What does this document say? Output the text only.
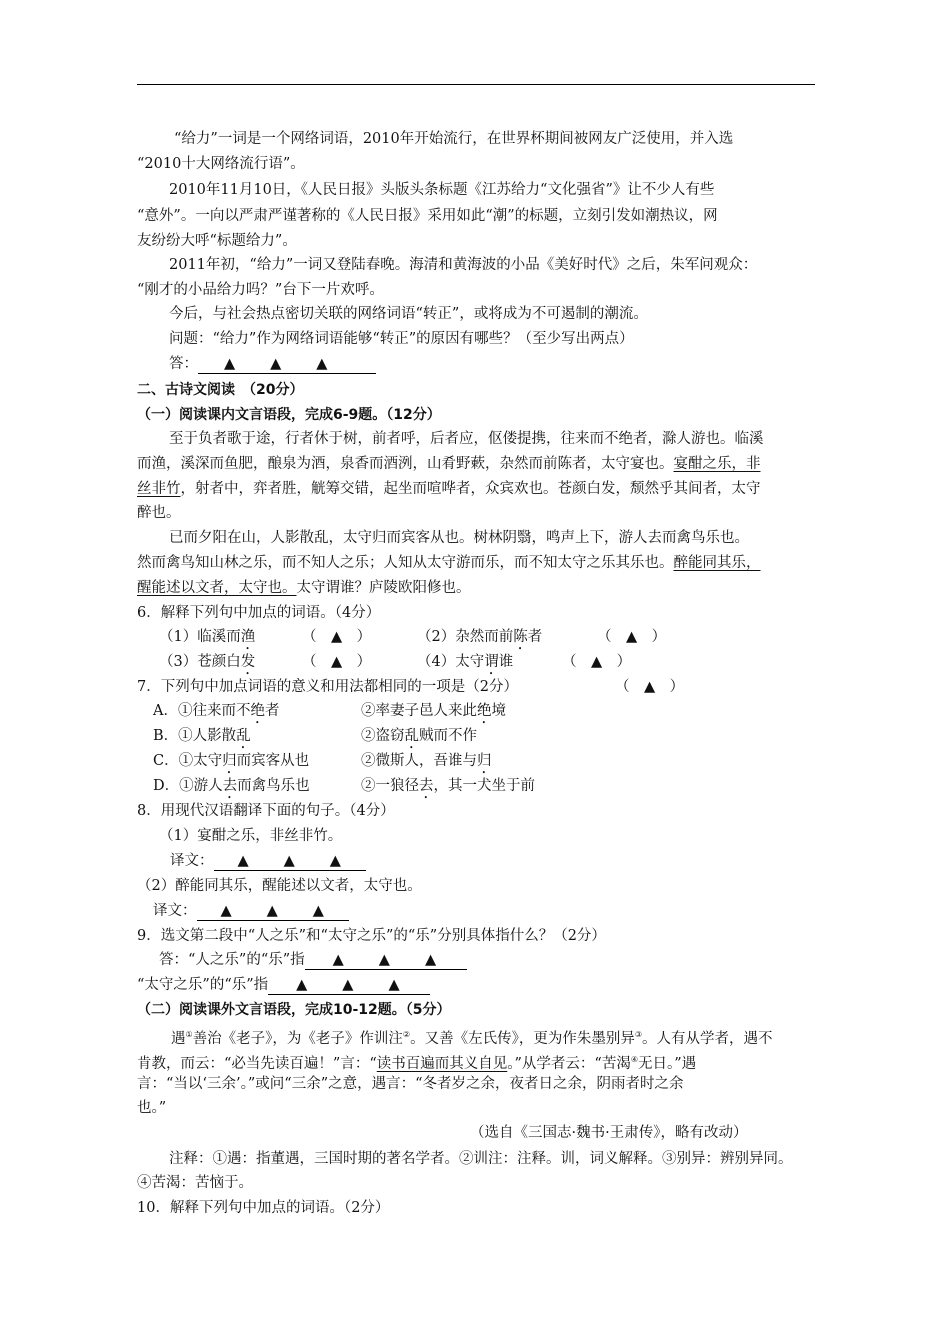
“给力”一词是一个网络词语，2010年开始流行，在世界杯期间被网友广泛使用，并入选
“2010十大网络流行语”。
2010年11月10日，《人民日报》头版头条标题《江苏给力“文化强省”》让不少人有些
“意外”。一向以严肃严谨著称的《人民日报》采用如此“潮”的标题，立刻引发如潮热议，网
友纷纷大呼“标题给力”。
2011年初，“给力”一词又登陆春晚。海清和黄海波的小品《美好时代》之后，朱军问观众：
“刚才的小品给力吗？”台下一片欢呼。
今后，与社会热点密切关联的网络词语“转正”，或将成为不可遏制的潮流。
问题：“给力”作为网络词语能够“转正”的原因有哪些？（至少写出两点）
答： ▲　　▲　　▲
二、古诗文阅读　（20分）
（一）阅读课内文言语段，完成6-9题。（12分）
至于负者歌于途，行者休于树，前者呼，后者应，伛偻提携，往来而不绝者，滁人游也。临溪
而渔，溪深而鱼肥，酿泉为酒，泉香而酒洌，山肴野蔌，杂然而前陈者，太守宴也。宴酣之乐，非
丝非竹，射者中，弈者胜，觥筹交错，起坐而喧哗者，众宾欢也。苍颜白发，颓然乎其间者，太守
醉也。
已而夕阳在山，人影散乱，太守归而宾客从也。树林阴翳，鸣声上下，游人去而禽鸟乐也。
然而禽鸟知山林之乐，而不知人之乐；人知从太守游而乐，而不知太守之乐其乐也。醉能同其乐，
醒能述以文者，太守也。太守谓谁？庐陵欧阳修也。
6．解释下列句中加点的词语。（4分）
（1）临溪而渔	（　▲　）	（2）杂然而前陈者	（　▲　）
（3）苍颜白发	（　▲　）	（4）太守谓谁	（　▲　）
7．下列句中加点词语的意义和用法都相同的一项是（2分）	（　▲　）
A．①往来而不绝者	②率妻子邑人来此绝境
B．①人影散乱	②盗窃乱贼而不作
C．①太守归而宾客从也	②微斯人，吾谁与归
D．①游人去而禽鸟乐也	②一狼径去，其一犬坐于前
8．用现代汉语翻译下面的句子。（4分）
（1）宴酣之乐，非丝非竹。
译文： ▲　　▲　　▲
（2）醉能同其乐，醒能述以文者，太守也。
译文： ▲　　▲　　▲
9．选文第二段中“人之乐”和“太守之乐”的“乐”分别具体指什么？（2分）
答：“人之乐”的“乐”指 ▲　　▲　　▲
“太守之乐”的“乐”指 ▲　　▲　　▲
（二）阅读课外文言语段，完成10-12题。（5分）
遇①善治《老子》，为《老子》作训注②。又善《左氏传》，更为作朱墨别异③。人有从学者，遇不
肯教，而云：“必当先读百遍！”言：“读书百遍而其义自见。”从学者云：“苦渴④无日。”遇
言：“当以‘三余’。”或问“三余”之意，遇言：“冬者岁之余，夜者日之余，阴雨者时之余
也。”
（选自《三国志·魏书·王肃传》，略有改动）
注释：①遇：指董遇，三国时期的著名学者。②训注：注释。训，词义解释。③别异：辨别异同。
④苦渴：苦恼于。
10．解释下列句中加点的词语。（2分）
